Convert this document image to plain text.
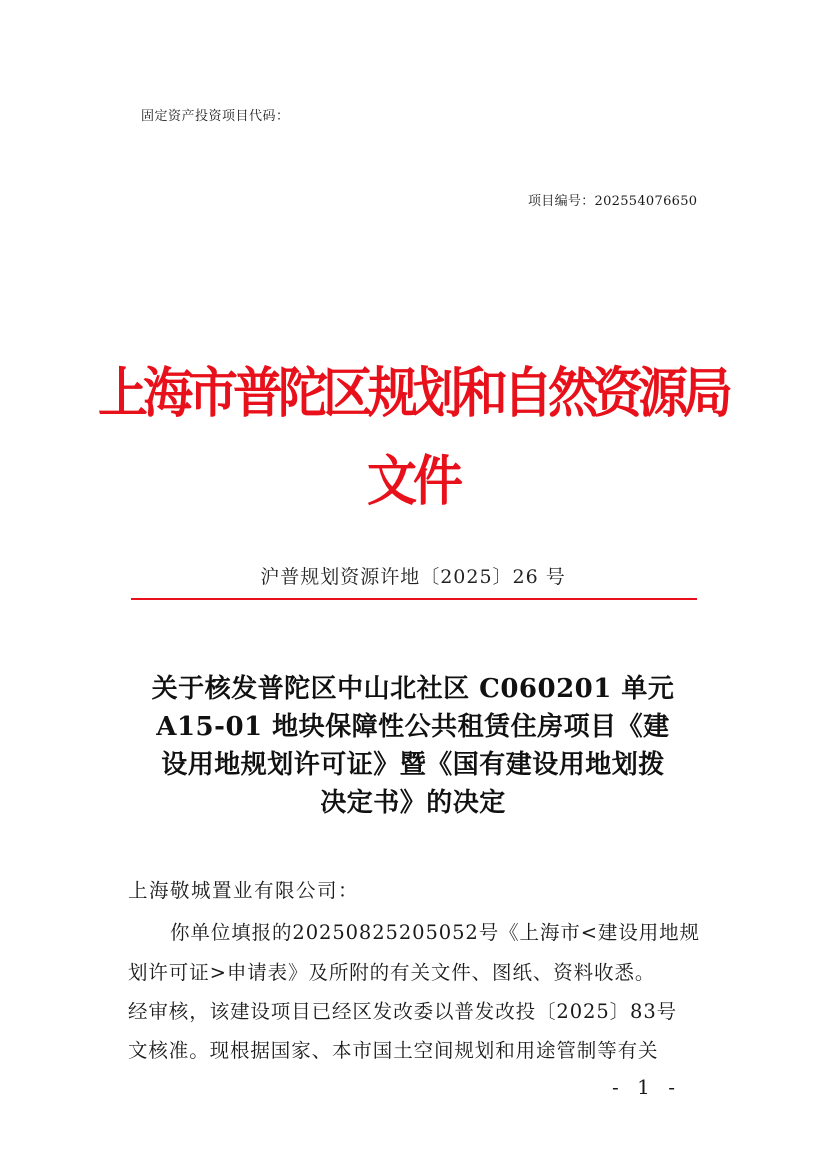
固定资产投资项目代码：
项目编号：202554076650
上海市普陀区规划和自然资源局
文件
沪普规划资源许地〔2025〕26 号
关于核发普陀区中山北社区 C060201 单元
A15-01 地块保障性公共租赁住房项目《建
设用地规划许可证》暨《国有建设用地划拨
决定书》的决定
上海敬城置业有限公司：
你单位填报的20250825205052号《上海市<建设用地规
划许可证>申请表》及所附的有关文件、图纸、资料收悉。
经审核，该建设项目已经区发改委以普发改投〔2025〕83号
文核准。现根据国家、本市国土空间规划和用途管制等有关
- 1 -
